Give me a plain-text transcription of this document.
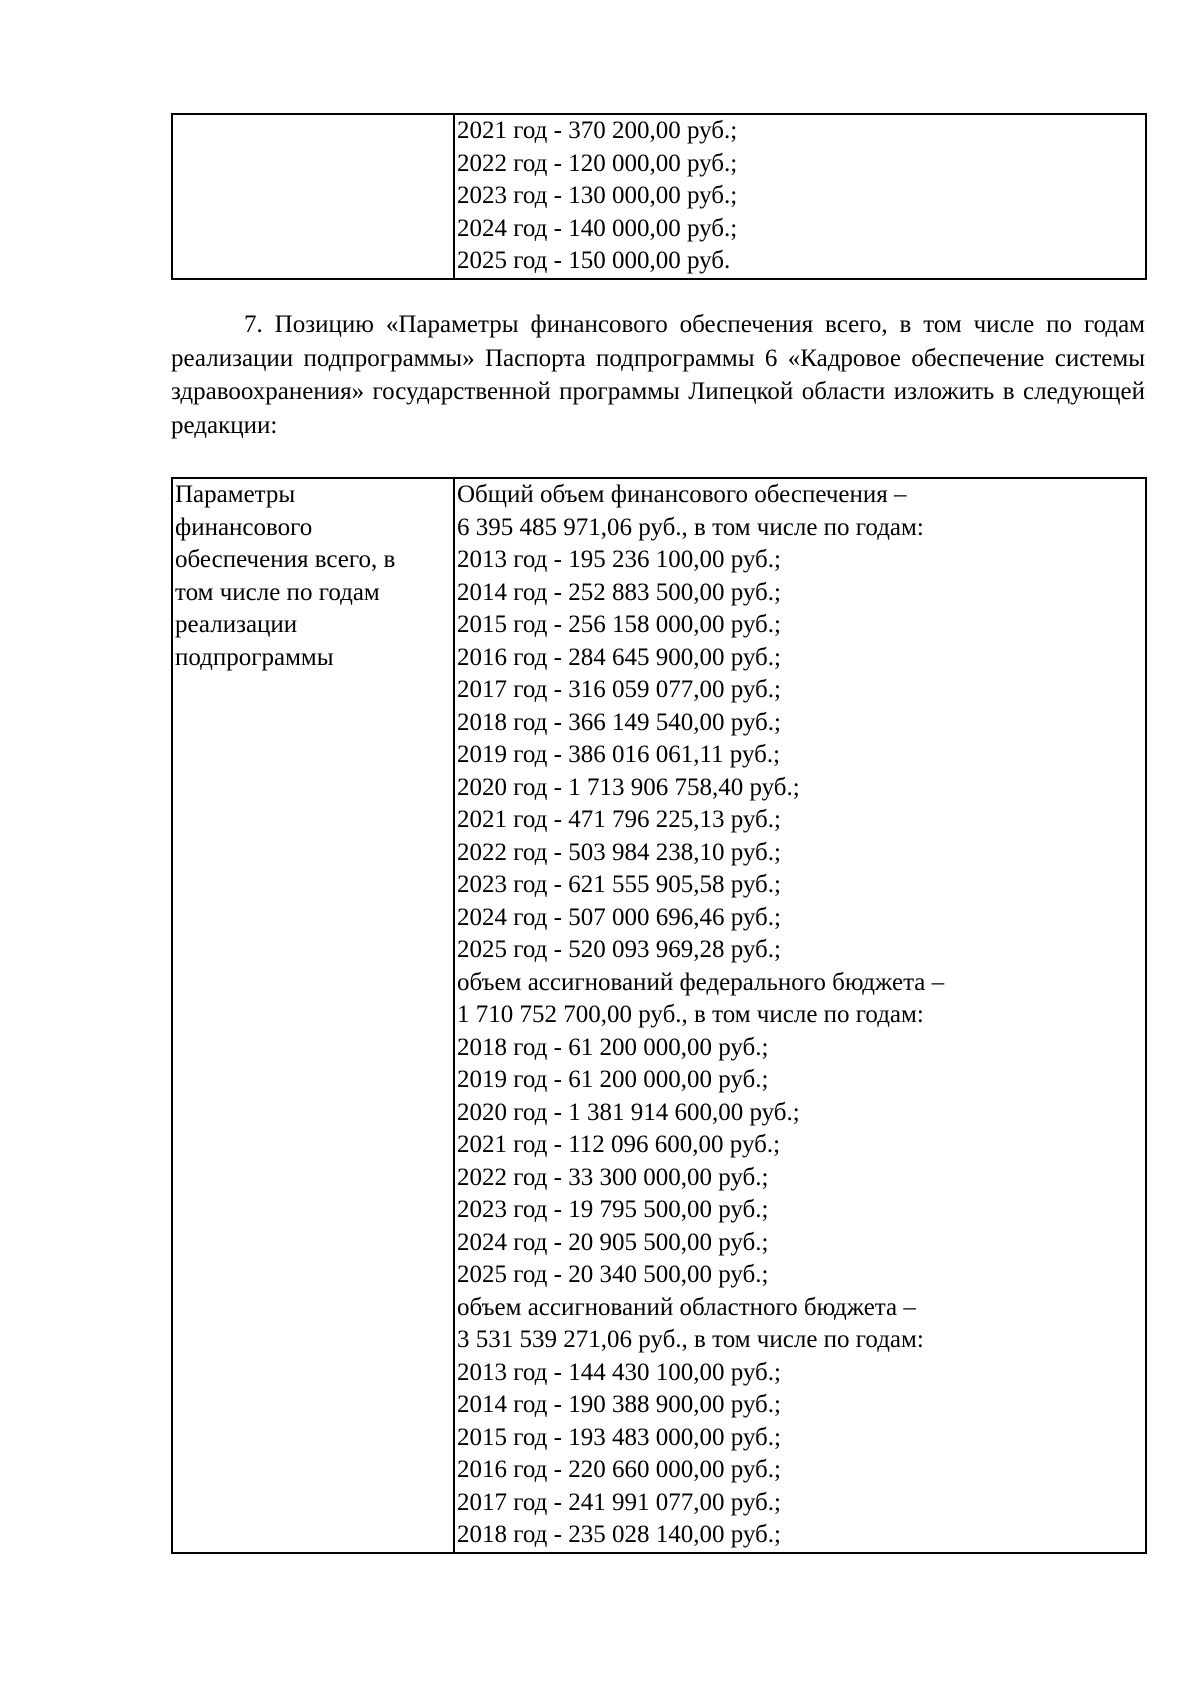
2021 год - 370 200,00 руб.;
2022 год - 120 000,00 руб.;
2023 год - 130 000,00 руб.;
2024 год - 140 000,00 руб.;
2025 год - 150 000,00 руб.

7. Позицию «Параметры финансового обеспечения всего, в том числе по годам реализации подпрограммы» Паспорта подпрограммы 6 «Кадровое обеспечение системы здравоохранения» государственной программы Липецкой области изложить в следующей редакции:

Параметры
финансового
обеспечения всего, в
том числе по годам
реализации
подпрограммы

Общий объем финансового обеспечения –
6 395 485 971,06 руб., в том числе по годам:
2013 год - 195 236 100,00 руб.;
2014 год - 252 883 500,00 руб.;
2015 год - 256 158 000,00 руб.;
2016 год - 284 645 900,00 руб.;
2017 год - 316 059 077,00 руб.;
2018 год - 366 149 540,00 руб.;
2019 год - 386 016 061,11 руб.;
2020 год - 1 713 906 758,40 руб.;
2021 год - 471 796 225,13 руб.;
2022 год - 503 984 238,10 руб.;
2023 год - 621 555 905,58 руб.;
2024 год - 507 000 696,46 руб.;
2025 год - 520 093 969,28 руб.;
объем ассигнований федерального бюджета –
1 710 752 700,00 руб., в том числе по годам:
2018 год - 61 200 000,00 руб.;
2019 год - 61 200 000,00 руб.;
2020 год - 1 381 914 600,00 руб.;
2021 год - 112 096 600,00 руб.;
2022 год - 33 300 000,00 руб.;
2023 год - 19 795 500,00 руб.;
2024 год - 20 905 500,00 руб.;
2025 год - 20 340 500,00 руб.;
объем ассигнований областного бюджета –
3 531 539 271,06 руб., в том числе по годам:
2013 год - 144 430 100,00 руб.;
2014 год - 190 388 900,00 руб.;
2015 год - 193 483 000,00 руб.;
2016 год - 220 660 000,00 руб.;
2017 год - 241 991 077,00 руб.;
2018 год - 235 028 140,00 руб.;
